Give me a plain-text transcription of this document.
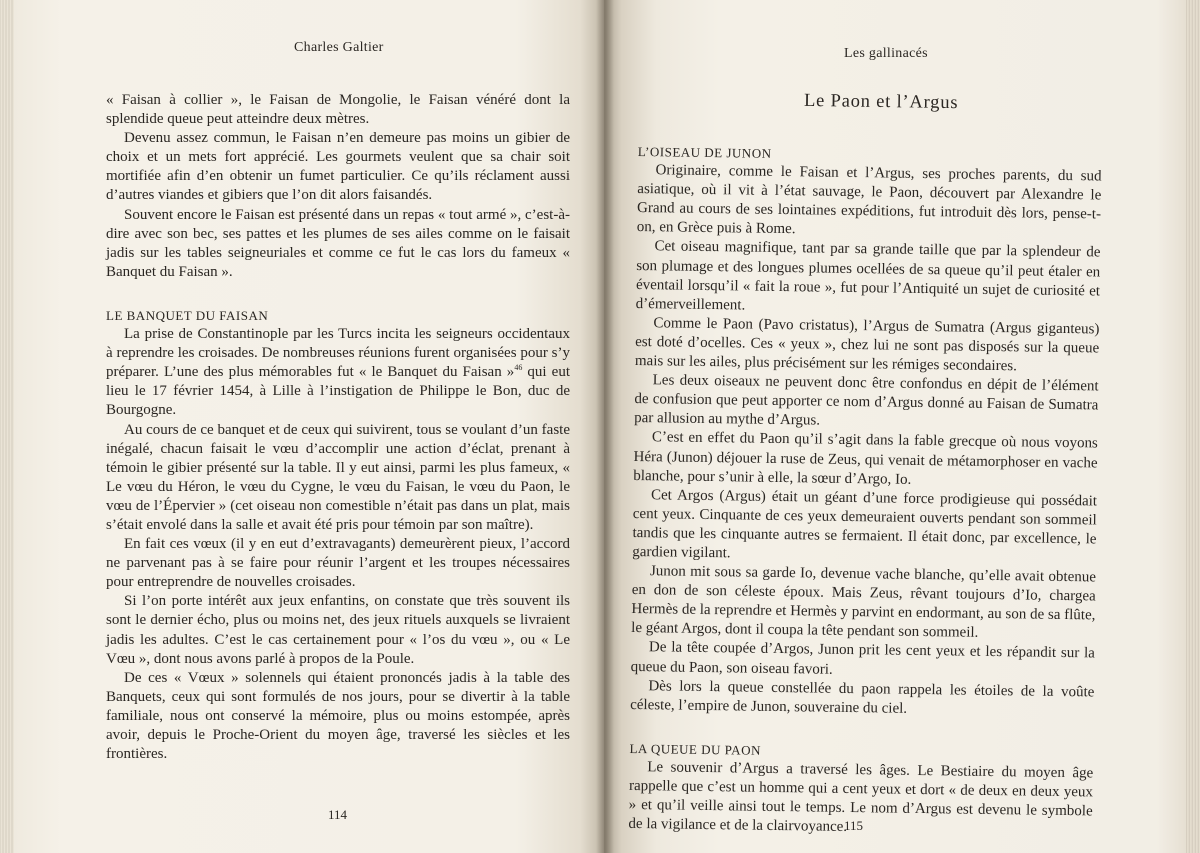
Charles Galtier

« Faisan à collier », le Faisan de Mongolie, le Faisan vénéré dont la splendide queue peut atteindre deux mètres.

Devenu assez commun, le Faisan n’en demeure pas moins un gibier de choix et un mets fort apprécié. Les gourmets veulent que sa chair soit mortifiée afin d’en obtenir un fumet particulier. Ce qu’ils réclament aussi d’autres viandes et gibiers que l’on dit alors faisandés.

Souvent encore le Faisan est présenté dans un repas « tout armé », c’est-à-dire avec son bec, ses pattes et les plumes de ses ailes comme on le faisait jadis sur les tables seigneuriales et comme ce fut le cas lors du fameux « Banquet du Faisan ».

LE BANQUET DU FAISAN

La prise de Constantinople par les Turcs incita les seigneurs occidentaux à reprendre les croisades. De nombreuses réunions furent organisées pour s’y préparer. L’une des plus mémorables fut « le Banquet du Faisan »$^{46}$ qui eut lieu le 17 février 1454, à Lille à l’instigation de Philippe le Bon, duc de Bourgogne.

Au cours de ce banquet et de ceux qui suivirent, tous se voulant d’un faste inégalé, chacun faisait le vœu d’accomplir une action d’éclat, prenant à témoin le gibier présenté sur la table. Il y eut ainsi, parmi les plus fameux, « Le vœu du Héron, le vœu du Cygne, le vœu du Faisan, le vœu du Paon, le vœu de l’Épervier » (cet oiseau non comestible n’était pas dans un plat, mais s’était envolé dans la salle et avait été pris pour témoin par son maître).

En fait ces vœux (il y en eut d’extravagants) demeurèrent pieux, l’accord ne parvenant pas à se faire pour réunir l’argent et les troupes nécessaires pour entreprendre de nouvelles croisades.

Si l’on porte intérêt aux jeux enfantins, on constate que très souvent ils sont le dernier écho, plus ou moins net, des jeux rituels auxquels se livraient jadis les adultes. C’est le cas certainement pour « l’os du vœu », ou « Le Vœu », dont nous avons parlé à propos de la Poule.

De ces « Vœux » solennels qui étaient prononcés jadis à la table des Banquets, ceux qui sont formulés de nos jours, pour se divertir à la table familiale, nous ont conservé la mémoire, plus ou moins estompée, après avoir, depuis le Proche-Orient du moyen âge, traversé les siècles et les frontières.

114
Les gallinacés
Le Paon et l’Argus
L’OISEAU DE JUNON

Originaire, comme le Faisan et l’Argus, ses proches parents, du sud asiatique, où il vit à l’état sauvage, le Paon, découvert par Alexandre le Grand au cours de ses lointaines expéditions, fut introduit dès lors, pense-t-on, en Grèce puis à Rome.

Cet oiseau magnifique, tant par sa grande taille que par la splendeur de son plumage et des longues plumes ocellées de sa queue qu’il peut étaler en éventail lorsqu’il « fait la roue », fut pour l’Antiquité un sujet de curiosité et d’émerveillement.

Comme le Paon (Pavo cristatus), l’Argus de Sumatra (Argus giganteus) est doté d’ocelles. Ces « yeux », chez lui ne sont pas disposés sur la queue mais sur les ailes, plus précisément sur les rémiges secondaires.

Les deux oiseaux ne peuvent donc être confondus en dépit de l’élément de confusion que peut apporter ce nom d’Argus donné au Faisan de Sumatra par allusion au mythe d’Argus.

C’est en effet du Paon qu’il s’agit dans la fable grecque où nous voyons Héra (Junon) déjouer la ruse de Zeus, qui venait de métamorphoser en vache blanche, pour s’unir à elle, la sœur d’Argo, Io.

Cet Argos (Argus) était un géant d’une force prodigieuse qui possédait cent yeux. Cinquante de ces yeux demeuraient ouverts pendant son sommeil tandis que les cinquante autres se fermaient. Il était donc, par excellence, le gardien vigilant.

Junon mit sous sa garde Io, devenue vache blanche, qu’elle avait obtenue en don de son céleste époux. Mais Zeus, rêvant toujours d’Io, chargea Hermès de la reprendre et Hermès y parvint en endormant, au son de sa flûte, le géant Argos, dont il coupa la tête pendant son sommeil.

De la tête coupée d’Argos, Junon prit les cent yeux et les répandit sur la queue du Paon, son oiseau favori.

Dès lors la queue constellée du paon rappela les étoiles de la voûte céleste, l’empire de Junon, souveraine du ciel.

LA QUEUE DU PAON

Le souvenir d’Argus a traversé les âges. Le Bestiaire du moyen âge rappelle que c’est un homme qui a cent yeux et dort « de deux en deux yeux » et qu’il veille ainsi tout le temps. Le nom d’Argus est devenu le symbole de la vigilance et de la clairvoyance.

115
